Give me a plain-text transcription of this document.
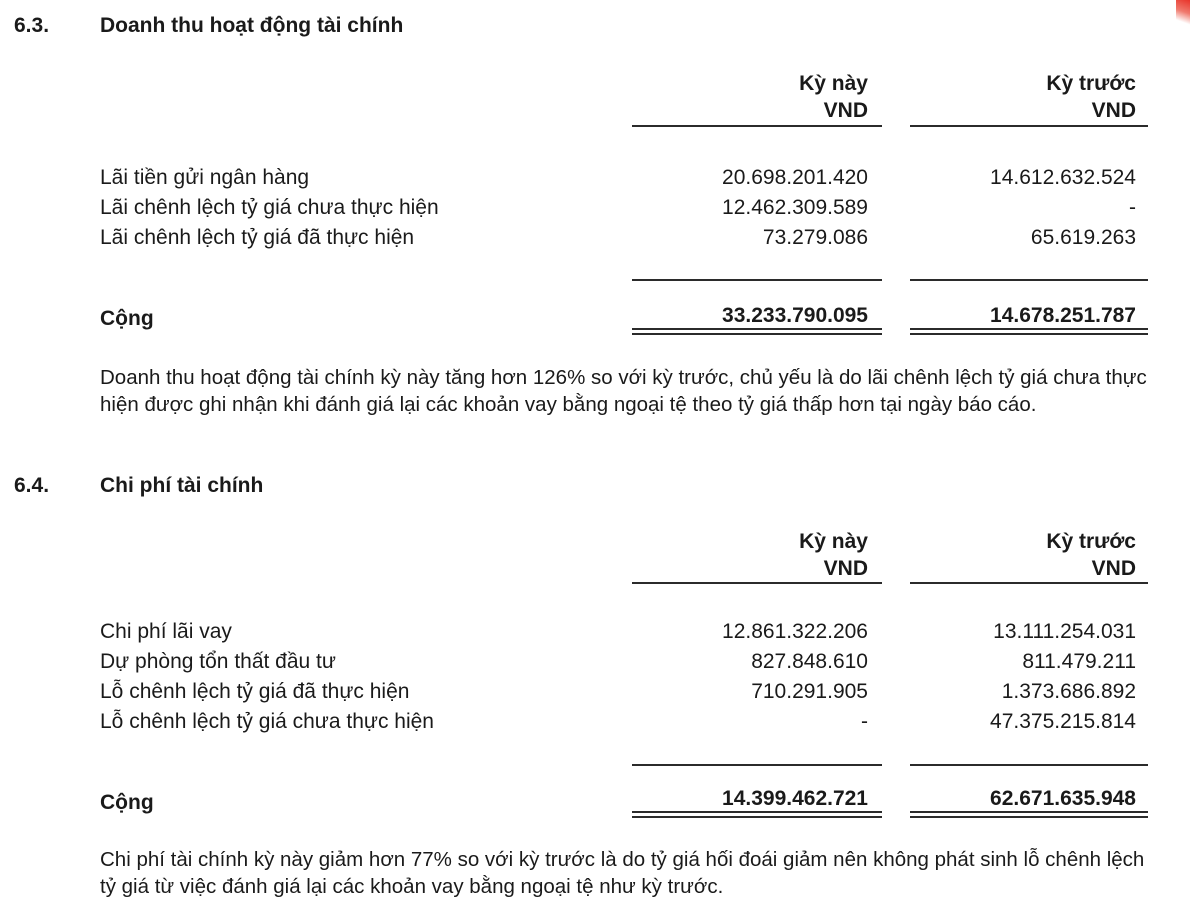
6.3. Doanh thu hoạt động tài chính
Kỳ này
VND
Kỳ trước
VND
Lãi tiền gửi ngân hàng	20.698.201.420	14.612.632.524
Lãi chênh lệch tỷ giá chưa thực hiện	12.462.309.589	-
Lãi chênh lệch tỷ giá đã thực hiện	73.279.086	65.619.263
Cộng	33.233.790.095	14.678.251.787
Doanh thu hoạt động tài chính kỳ này tăng hơn 126% so với kỳ trước, chủ yếu là do lãi chênh lệch tỷ giá chưa thực hiện được ghi nhận khi đánh giá lại các khoản vay bằng ngoại tệ theo tỷ giá thấp hơn tại ngày báo cáo.
6.4. Chi phí tài chính
Kỳ này
VND
Kỳ trước
VND
Chi phí lãi vay	12.861.322.206	13.111.254.031
Dự phòng tổn thất đầu tư	827.848.610	811.479.211
Lỗ chênh lệch tỷ giá đã thực hiện	710.291.905	1.373.686.892
Lỗ chênh lệch tỷ giá chưa thực hiện	-	47.375.215.814
Cộng	14.399.462.721	62.671.635.948
Chi phí tài chính kỳ này giảm hơn 77% so với kỳ trước là do tỷ giá hối đoái giảm nên không phát sinh lỗ chênh lệch tỷ giá từ việc đánh giá lại các khoản vay bằng ngoại tệ như kỳ trước.
